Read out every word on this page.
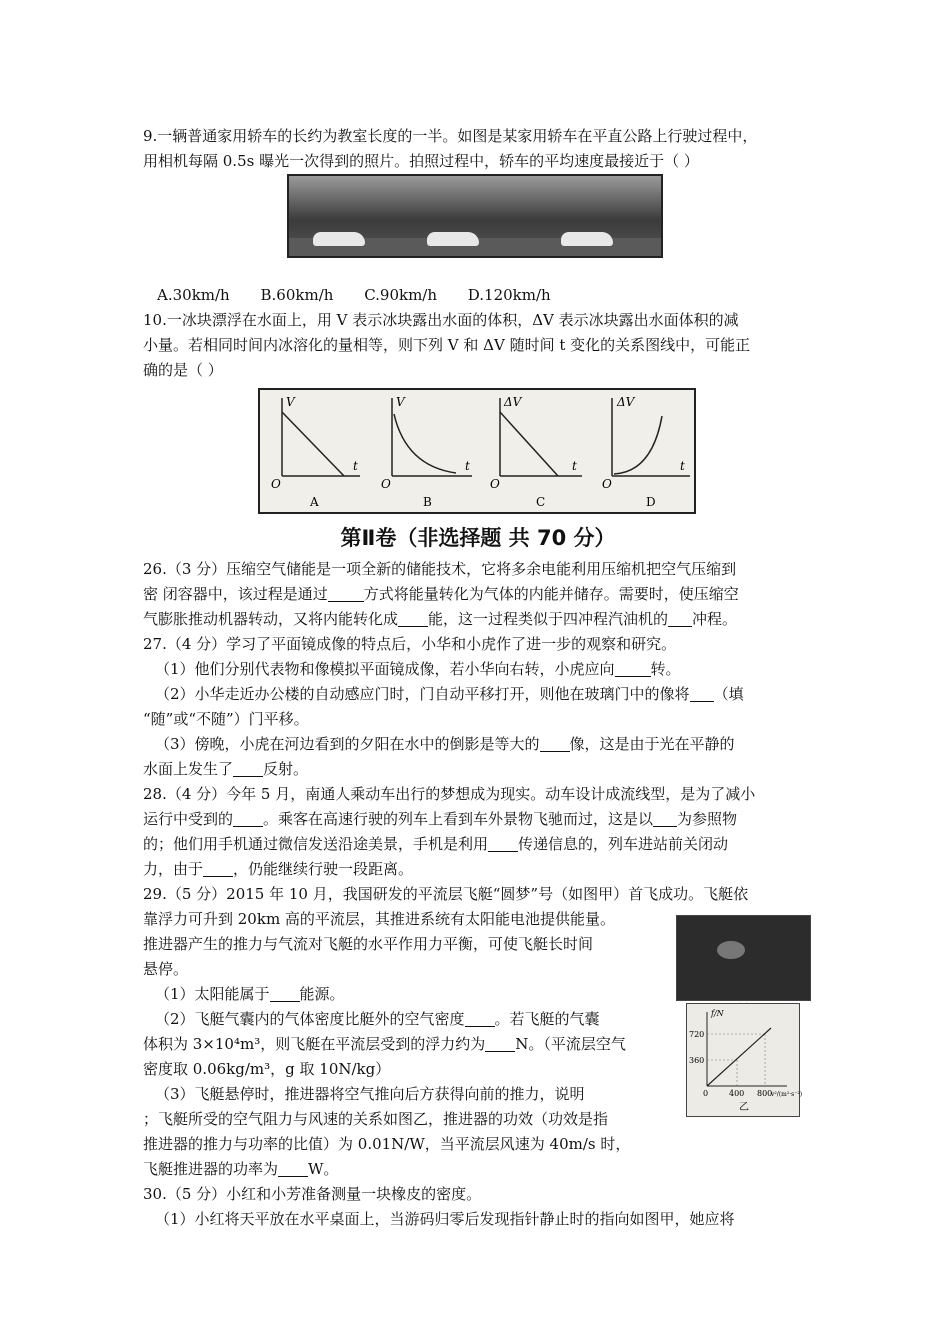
9.一辆普通家用轿车的长约为教室长度的一半。如图是某家用轿车在平直公路上行驶过程中，
用相机每隔 0.5s 曝光一次得到的照片。拍照过程中，轿车的平均速度最接近于（ ）
A.30km/h B.60km/h C.90km/h D.120km/h
10.一冰块漂浮在水面上，用 V 表示冰块露出水面的体积，ΔV 表示冰块露出水面体积的减
小量。若相同时间内冰溶化的量相等，则下列 V 和 ΔV 随时间 t 变化的关系图线中，可能正
确的是（ ）
V
t
O
A
V
t
O
B
ΔV
t
O
C
ΔV
t
O
D
第Ⅱ卷（非选择题 共 70 分）
26.（3 分）压缩空气储能是一项全新的储能技术，它将多余电能利用压缩机把空气压缩到
密 闭容器中，该过程是通过 方式将能量转化为气体的内能并储存。需要时，使压缩空
气膨胀推动机器转动，又将内能转化成 能，这一过程类似于四冲程汽油机的 冲程。
27.（4 分）学习了平面镜成像的特点后，小华和小虎作了进一步的观察和研究。
（1）他们分别代表物和像模拟平面镜成像，若小华向右转，小虎应向 转。
（2）小华走近办公楼的自动感应门时，门自动平移打开，则他在玻璃门中的像将 （填
“随”或“不随”）门平移。
（3）傍晚，小虎在河边看到的夕阳在水中的倒影是等大的 像，这是由于光在平静的
水面上发生了 反射。
28.（4 分）今年 5 月，南通人乘动车出行的梦想成为现实。动车设计成流线型，是为了减小
运行中受到的 。乘客在高速行驶的列车上看到车外景物飞驰而过，这是以 为参照物
的；他们用手机通过微信发送沿途美景，手机是利用 传递信息的，列车进站前关闭动
力，由于 ，仍能继续行驶一段距离。
29.（5 分）2015 年 10 月，我国研发的平流层飞艇“圆梦”号（如图甲）首飞成功。飞艇依
靠浮力可升到 20km 高的平流层，其推进系统有太阳能电池提供能量。
推进器产生的推力与气流对飞艇的水平作用力平衡，可使飞艇长时间
悬停。
（1）太阳能属于 能源。
（2）飞艇气囊内的气体密度比艇外的空气密度 。若飞艇的气囊
体积为 3×10⁴m³，则飞艇在平流层受到的浮力约为 N。（平流层空气
密度取 0.06kg/m³，g 取 10N/kg）
（3）飞艇悬停时，推进器将空气推向后方获得向前的推力，说明
；飞艇所受的空气阻力与风速的关系如图乙，推进器的功效（功效是指
推进器的推力与功率的比值）为 0.01N/W，当平流层风速为 40m/s 时，
飞艇推进器的功率为 W。
f/N
720
360
0	400 800
v²/(m²·s⁻²)
乙
30.（5 分）小红和小芳准备测量一块橡皮的密度。
（1）小红将天平放在水平桌面上，当游码归零后发现指针静止时的指向如图甲，她应将
